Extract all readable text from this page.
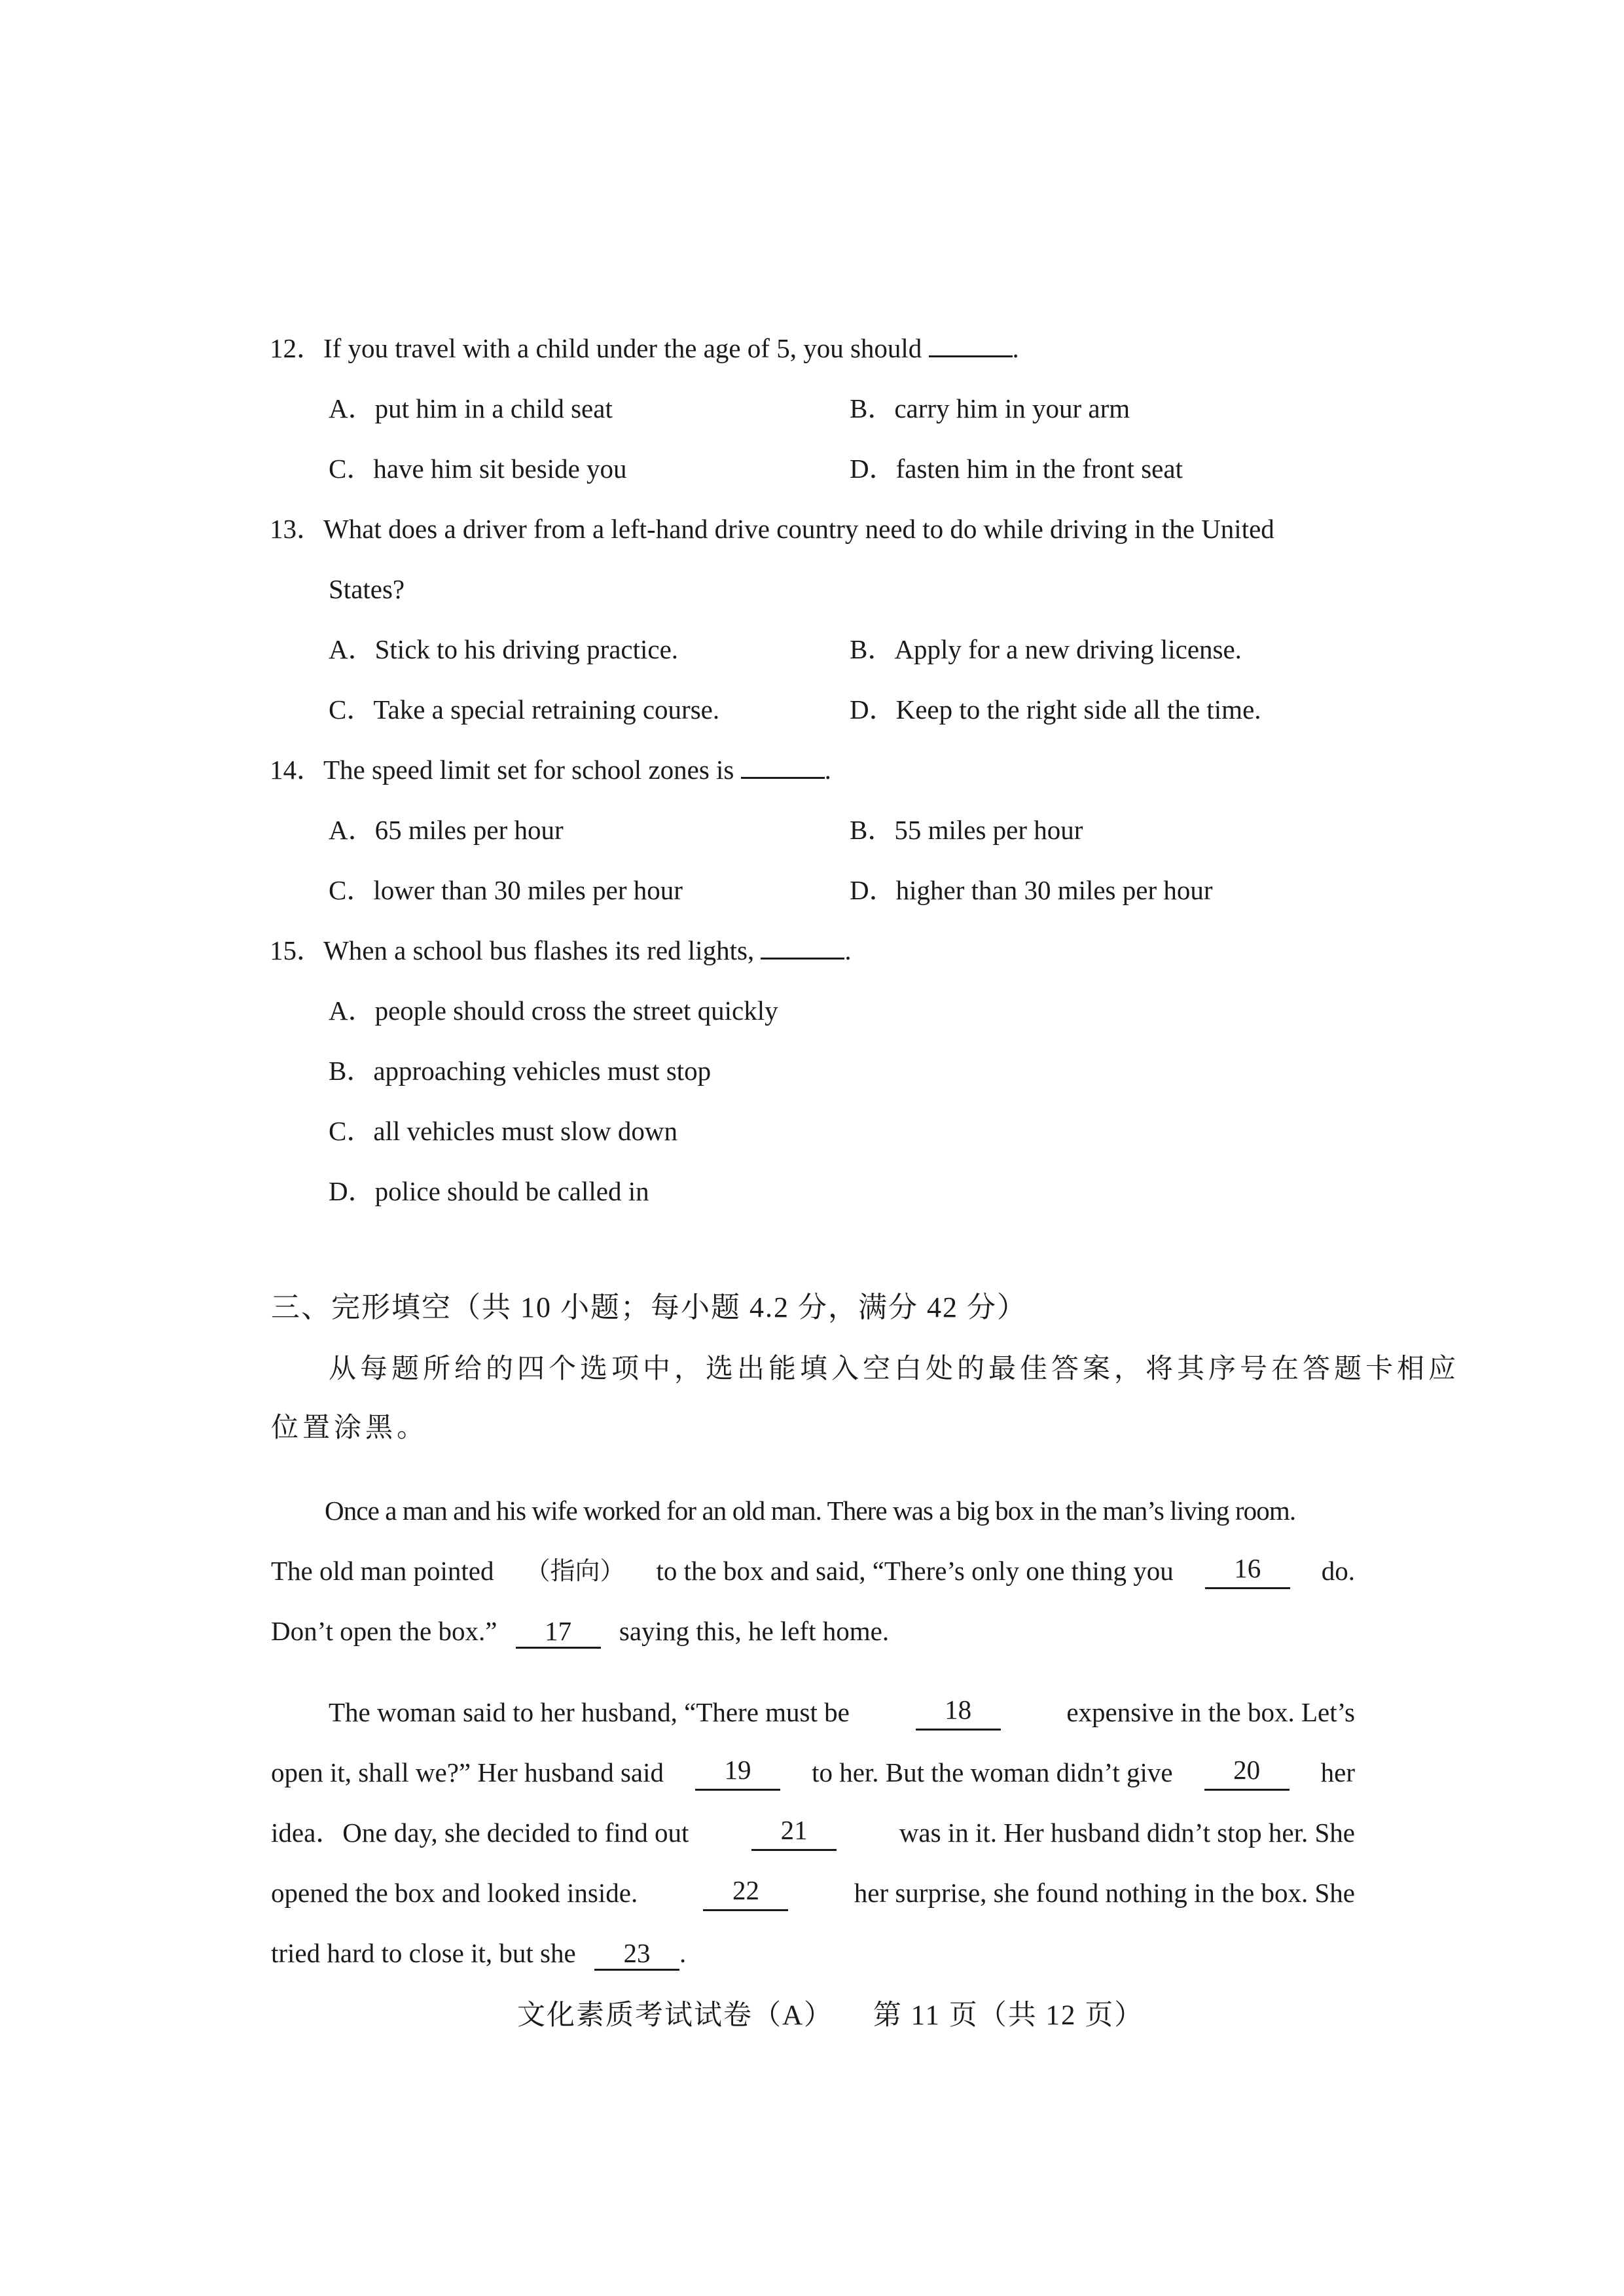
12．If you travel with a child under the age of 5, you should	.
A．put him in a child seat	B．carry him in your arm
C．have him sit beside you	D．fasten him in the front seat
13．What does a driver from a left-hand drive country need to do while driving in the United
States?
A．Stick to his driving practice.	B．Apply for a new driving license.
C．Take a special retraining course.	D．Keep to the right side all the time.
14．The speed limit set for school zones is	.
A．65 miles per hour	B．55 miles per hour
C．lower than 30 miles per hour	D．higher than 30 miles per hour
15．When a school bus flashes its red lights,	.
A．people should cross the street quickly
B．approaching vehicles must stop
C．all vehicles must slow down
D．police should be called in
三、完形填空（共 10 小题；每小题 4.2 分，满分 42 分）
从每题所给的四个选项中，选出能填入空白处的最佳答案，将其序号在答题卡相应
位置涂黑。
Once a man and his wife worked for an old man. There was a big box in the man’s living room.
The old man pointed （指向） to the box and said, “There’s only one thing you	16	do.
Don’t open the box.” 17 saying this, he left home.
The woman said to her husband, “There must be	18	expensive in the box. Let’s
open it, shall we?” Her husband said	19	to her. But the woman didn’t give	20	her
idea．One day, she decided to find out	21	was in it. Her husband didn’t stop her. She
opened the box and looked inside.	22	her surprise, she found nothing in the box. She
tried hard to close it, but she 23 .
文化素质考试试卷（A） 第 11 页（共 12 页）
